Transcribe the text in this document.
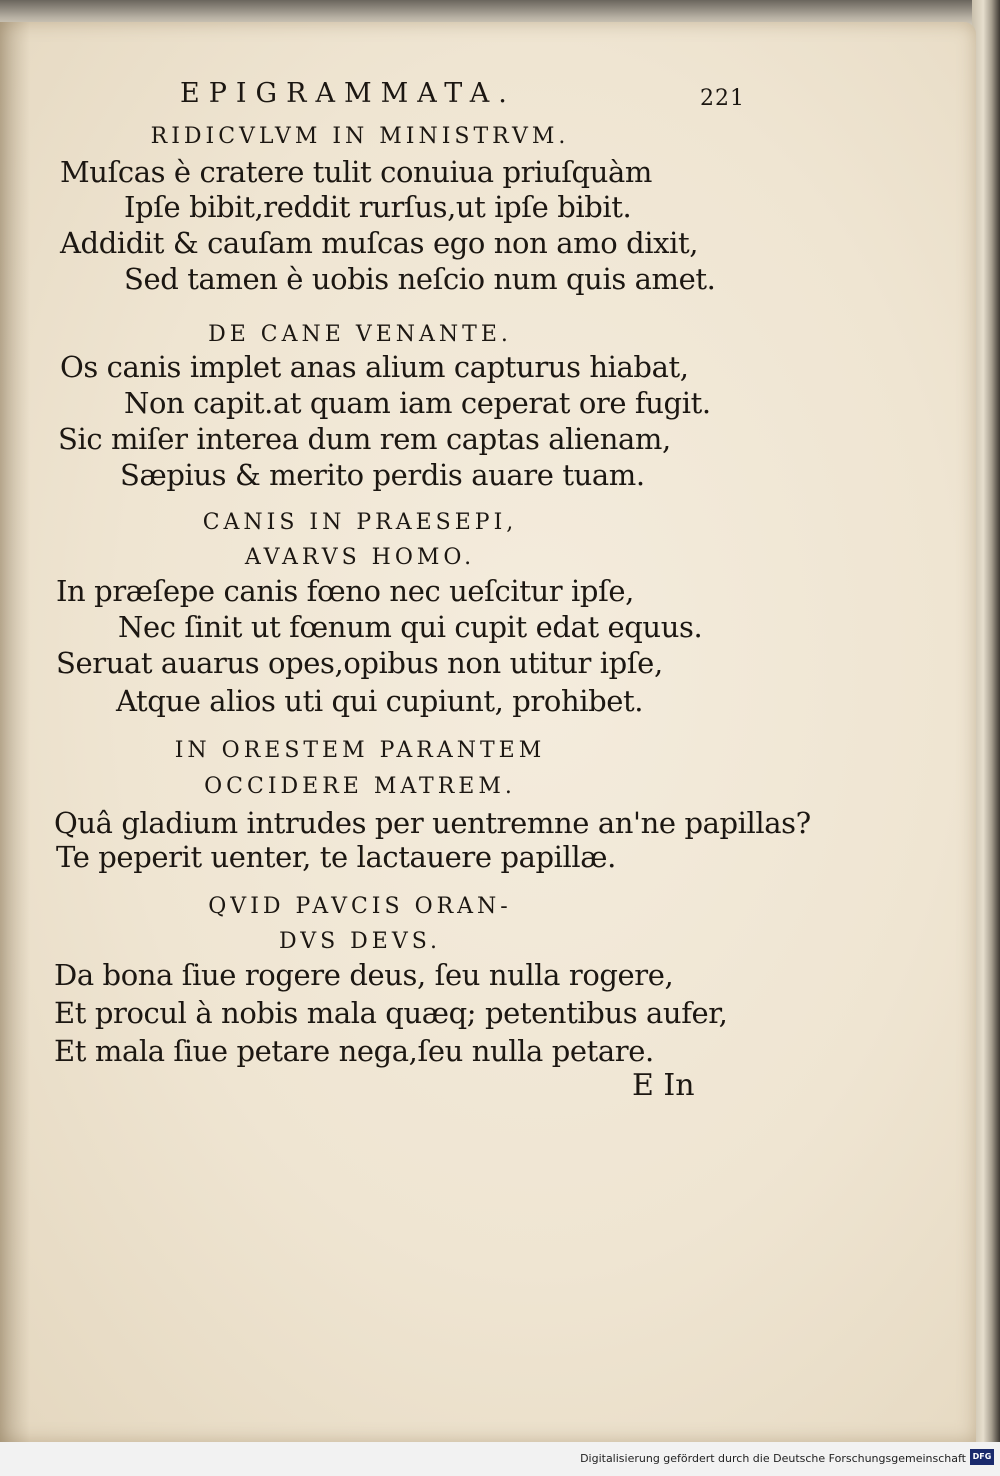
EPIGRAMMATA.	221
RIDICVLVM IN MINISTRVM.
Muſcas è cratere tulit conuiua priuſquàm
Ipſe bibit,reddit rurſus,ut ipſe bibit.
Addidit & cauſam muſcas ego non amo dixit,
Sed tamen è uobis neſcio num quis amet.
DE CANE VENANTE.
Os canis implet anas alium capturus hiabat,
Non capit.at quam iam ceperat ore fugit.
Sic miſer interea dum rem captas alienam,
Sæpius & merito perdis auare tuam.
CANIS IN PRAESEPI,
AVARVS HOMO.
In præſepe canis fœno nec ueſcitur ipſe,
Nec ſinit ut fœnum qui cupit edat equus.
Seruat auarus opes,opibus non utitur ipſe,
Atque alios uti qui cupiunt, prohibet.
IN ORESTEM PARANTEM
OCCIDERE MATREM.
Quâ gladium intrudes per uentremne an'ne papillas?
Te peperit uenter, te lactauere papillæ.
QVID PAVCIS ORAN-
DVS DEVS.
Da bona ſiue rogere deus, ſeu nulla rogere,
Et procul à nobis mala quæq; petentibus aufer,
Et mala ſiue petare nega,ſeu nulla petare.
E In
Digitalisierung gefördert durch die Deutsche Forschungsgemeinschaft DFG
